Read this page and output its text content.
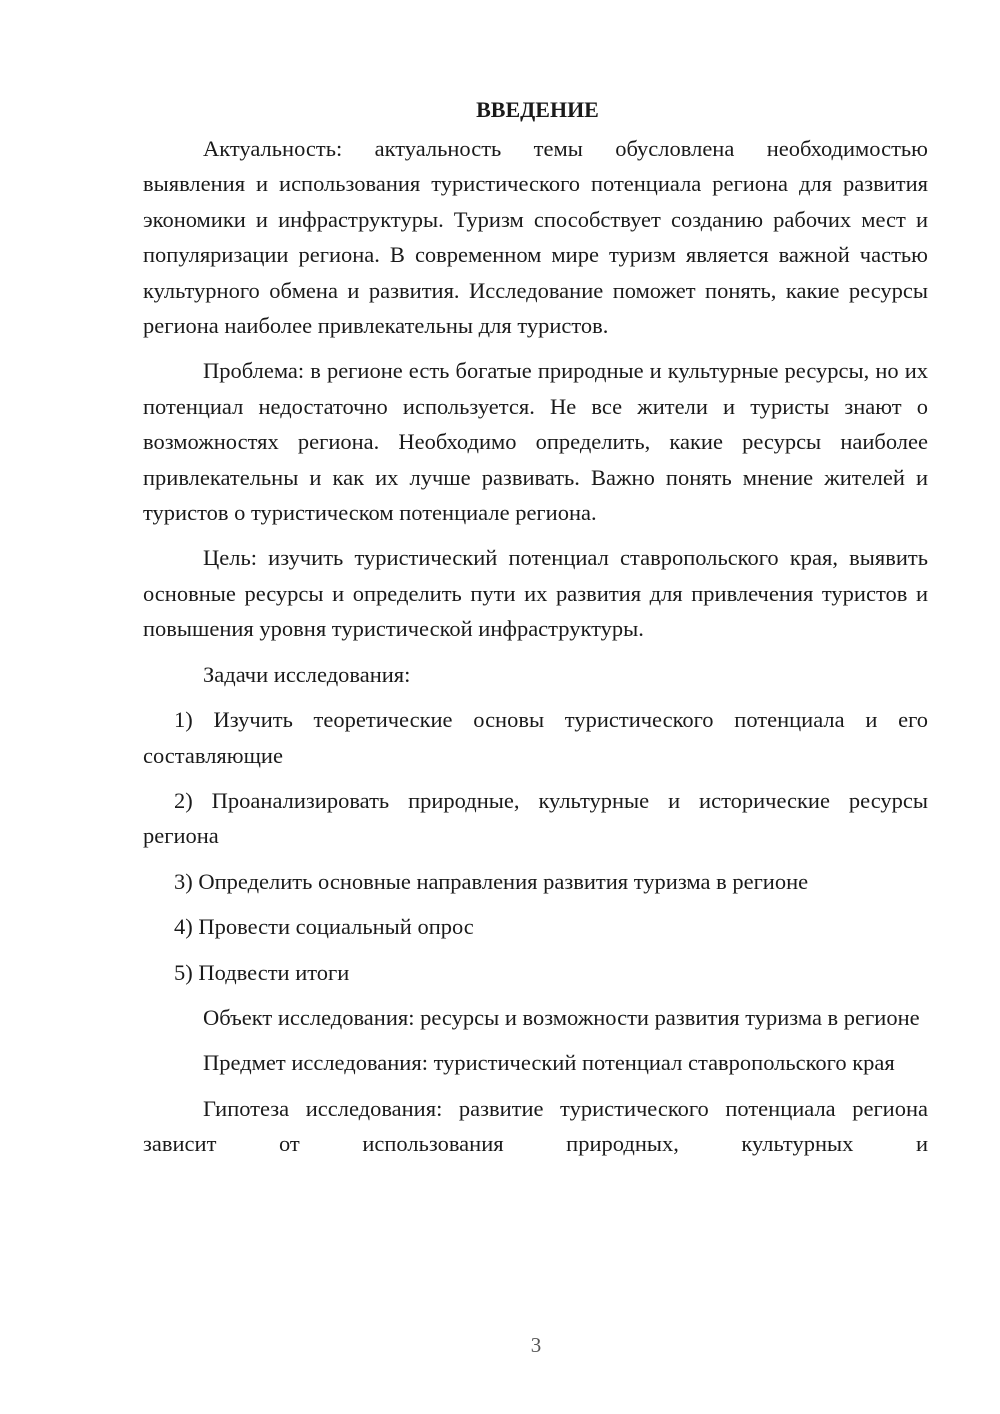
ВВЕДЕНИЕ

Актуальность: актуальность темы обусловлена необходимостью выявления и использования туристического потенциала региона для развития экономики и инфраструктуры. Туризм способствует созданию рабочих мест и популяризации региона. В современном мире туризм является важной частью культурного обмена и развития. Исследование поможет понять, какие ресурсы региона наиболее привлекательны для туристов.

Проблема: в регионе есть богатые природные и культурные ресурсы, но их потенциал недостаточно используется. Не все жители и туристы знают о возможностях региона. Необходимо определить, какие ресурсы наиболее привлекательны и как их лучше развивать. Важно понять мнение жителей и туристов о туристическом потенциале региона.

Цель: изучить туристический потенциал ставропольского края, выявить основные ресурсы и определить пути их развития для привлечения туристов и повышения уровня туристической инфраструктуры.

Задачи исследования:

1) Изучить теоретические основы туристического потенциала и его составляющие

2) Проанализировать природные, культурные и исторические ресурсы региона

3) Определить основные направления развития туризма в регионе

4) Провести социальный опрос

5) Подвести итоги

Объект исследования: ресурсы и возможности развития туризма в регионе

Предмет исследования: туристический потенциал ставропольского края

Гипотеза исследования: развитие туристического потенциала региона зависит от использования природных, культурных и

3
